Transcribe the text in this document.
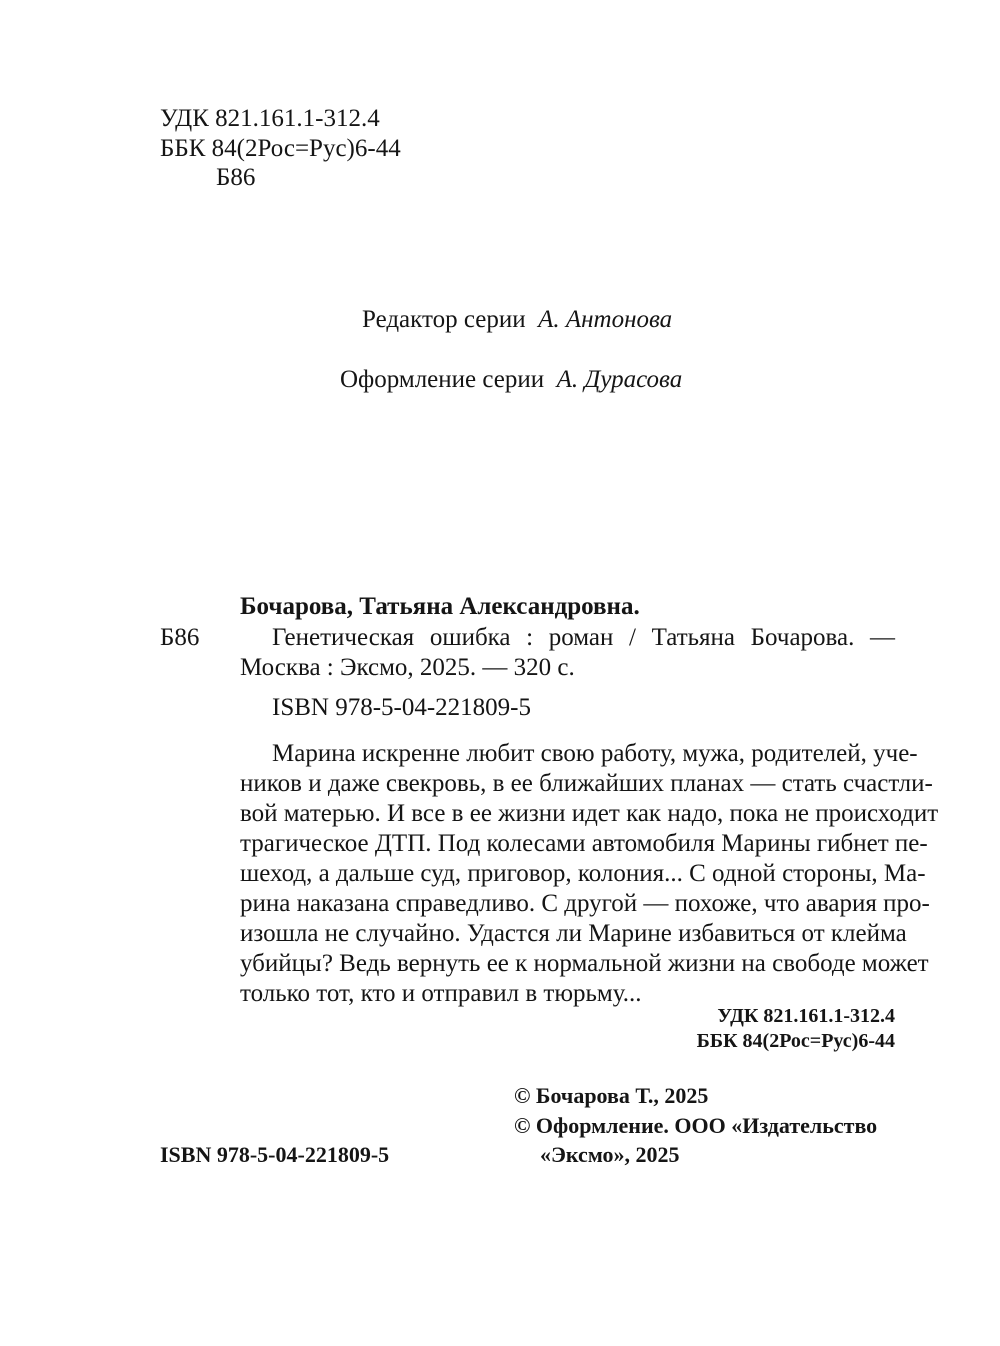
УДК 821.161.1-312.4
ББК 84(2Рос=Рус)6-44
Б86
Редактор серии А. Антонова
Оформление серии А. Дурасова
Бочарова, Татьяна Александровна.
Б86	Генетическая ошибка : роман / Татьяна Бочарова. —
Москва : Эксмо, 2025. — 320 с.
ISBN 978-5-04-221809-5
Марина искренне любит свою работу, мужа, родителей, уче-
ников и даже свекровь, в ее ближайших планах — стать счастли-
вой матерью. И все в ее жизни идет как надо, пока не происходит
трагическое ДТП. Под колесами автомобиля Марины гибнет пе-
шеход, а дальше суд, приговор, колония... С одной стороны, Ма-
рина наказана справедливо. С другой — похоже, что авария про-
изошла не случайно. Удастся ли Марине избавиться от клейма
убийцы? Ведь вернуть ее к нормальной жизни на свободе может
только тот, кто и отправил в тюрьму...
УДК 821.161.1-312.4
ББК 84(2Рос=Рус)6-44
© Бочарова Т., 2025
© Оформление. ООО «Издательство
ISBN 978-5-04-221809-5	«Эксмо», 2025
